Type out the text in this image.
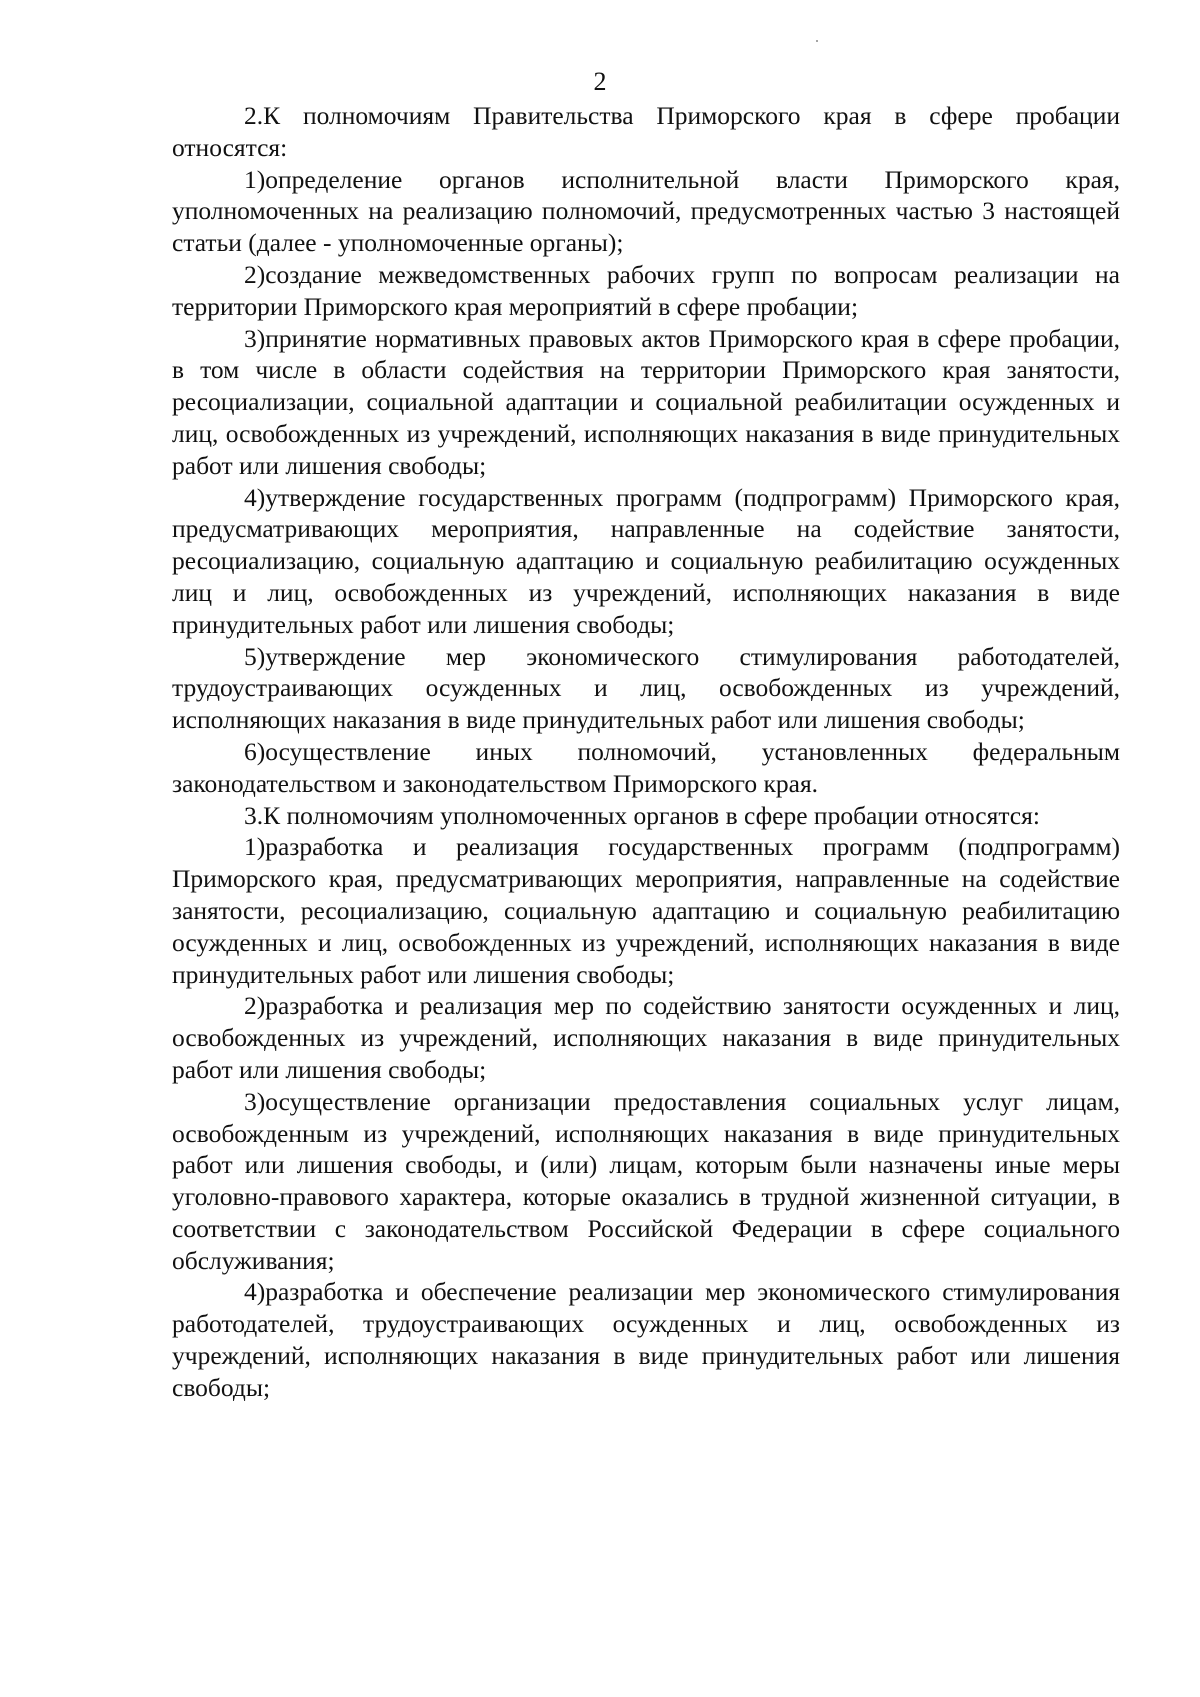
2

2.К полномочиям Правительства Приморского края в сфере пробации относятся:

1)определение органов исполнительной власти Приморского края, уполномоченных на реализацию полномочий, предусмотренных частью 3 настоящей статьи (далее - уполномоченные органы);

2)создание межведомственных рабочих групп по вопросам реализации на территории Приморского края мероприятий в сфере пробации;

3)принятие нормативных правовых актов Приморского края в сфере пробации, в том числе в области содействия на территории Приморского края занятости, ресоциализации, социальной адаптации и социальной реабилитации осужденных и лиц, освобожденных из учреждений, исполняющих наказания в виде принудительных работ или лишения свободы;

4)утверждение государственных программ (подпрограмм) Приморского края, предусматривающих мероприятия, направленные на содействие занятости, ресоциализацию, социальную адаптацию и социальную реабилитацию осужденных лиц и лиц, освобожденных из учреждений, исполняющих наказания в виде принудительных работ или лишения свободы;

5)утверждение мер экономического стимулирования работодателей, трудоустраивающих осужденных и лиц, освобожденных из учреждений, исполняющих наказания в виде принудительных работ или лишения свободы;

6)осуществление иных полномочий, установленных федеральным законодательством и законодательством Приморского края.

3.К полномочиям уполномоченных органов в сфере пробации относятся:

1)разработка и реализация государственных программ (подпрограмм) Приморского края, предусматривающих мероприятия, направленные на содействие занятости, ресоциализацию, социальную адаптацию и социальную реабилитацию осужденных и лиц, освобожденных из учреждений, исполняющих наказания в виде принудительных работ или лишения свободы;

2)разработка и реализация мер по содействию занятости осужденных и лиц, освобожденных из учреждений, исполняющих наказания в виде принудительных работ или лишения свободы;

3)осуществление организации предоставления социальных услуг лицам, освобожденным из учреждений, исполняющих наказания в виде принудительных работ или лишения свободы, и (или) лицам, которым были назначены иные меры уголовно-правового характера, которые оказались в трудной жизненной ситуации, в соответствии с законодательством Российской Федерации в сфере социального обслуживания;

4)разработка и обеспечение реализации мер экономического стимулирования работодателей, трудоустраивающих осужденных и лиц, освобожденных из учреждений, исполняющих наказания в виде принудительных работ или лишения свободы;
